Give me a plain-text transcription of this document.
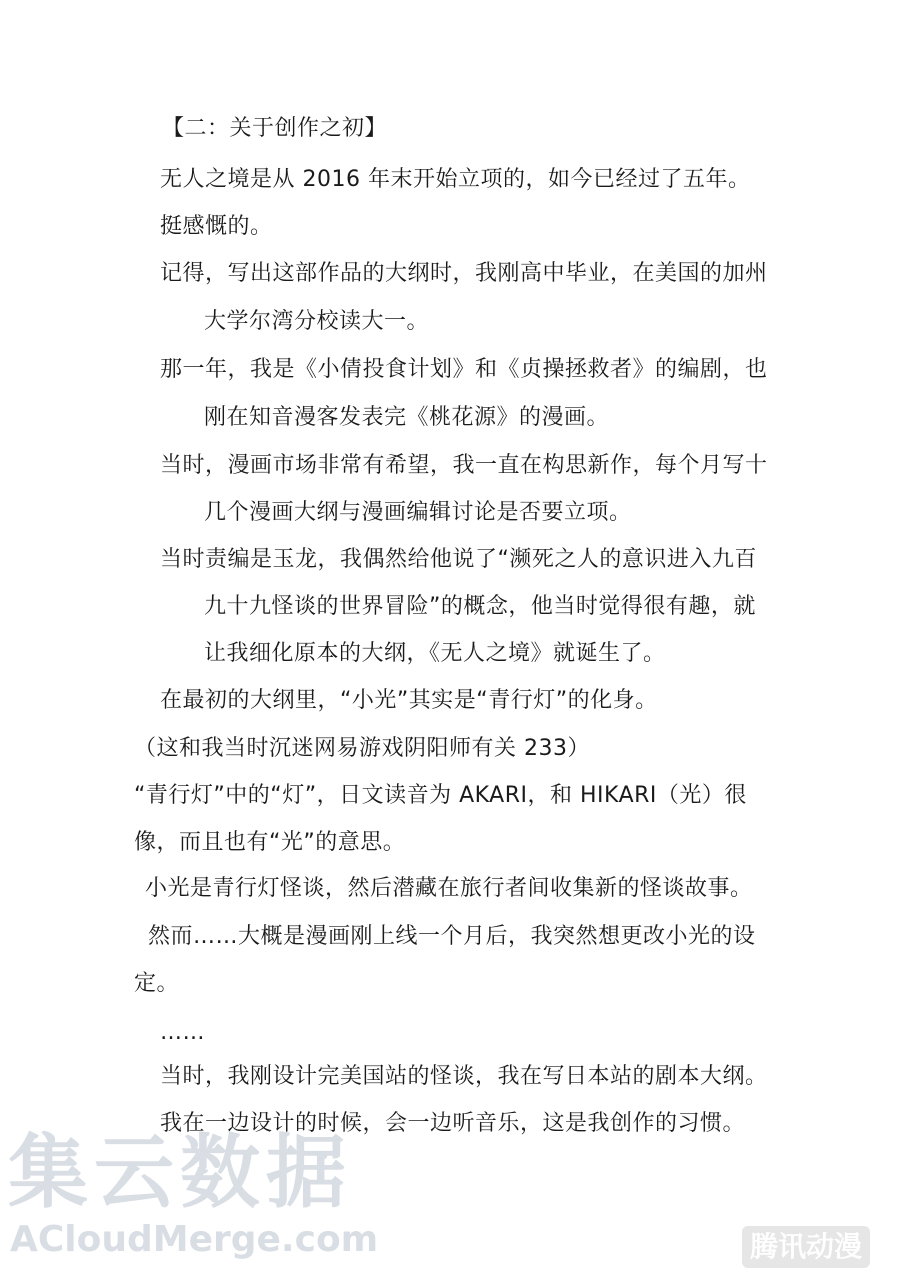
【二：关于创作之初】
无人之境是从 2016 年末开始立项的，如今已经过了五年。
挺感慨的。
记得，写出这部作品的大纲时，我刚高中毕业，在美国的加州
大学尔湾分校读大一。
那一年，我是《小倩投食计划》和《贞操拯救者》的编剧，也
刚在知音漫客发表完《桃花源》的漫画。
当时，漫画市场非常有希望，我一直在构思新作，每个月写十
几个漫画大纲与漫画编辑讨论是否要立项。
当时责编是玉龙，我偶然给他说了“濒死之人的意识进入九百
九十九怪谈的世界冒险”的概念，他当时觉得很有趣，就
让我细化原本的大纲，《无人之境》就诞生了。
在最初的大纲里，“小光”其实是“青行灯”的化身。
（这和我当时沉迷网易游戏阴阳师有关 233）
“青行灯”中的“灯”，日文读音为 AKARI，和 HIKARI（光）很
像，而且也有“光”的意思。
小光是青行灯怪谈，然后潜藏在旅行者间收集新的怪谈故事。
然而……大概是漫画刚上线一个月后，我突然想更改小光的设
定。
……
当时，我刚设计完美国站的怪谈，我在写日本站的剧本大纲。
我在一边设计的时候，会一边听音乐，这是我创作的习惯。
集云数据
ACloudMerge.com	腾讯动漫
